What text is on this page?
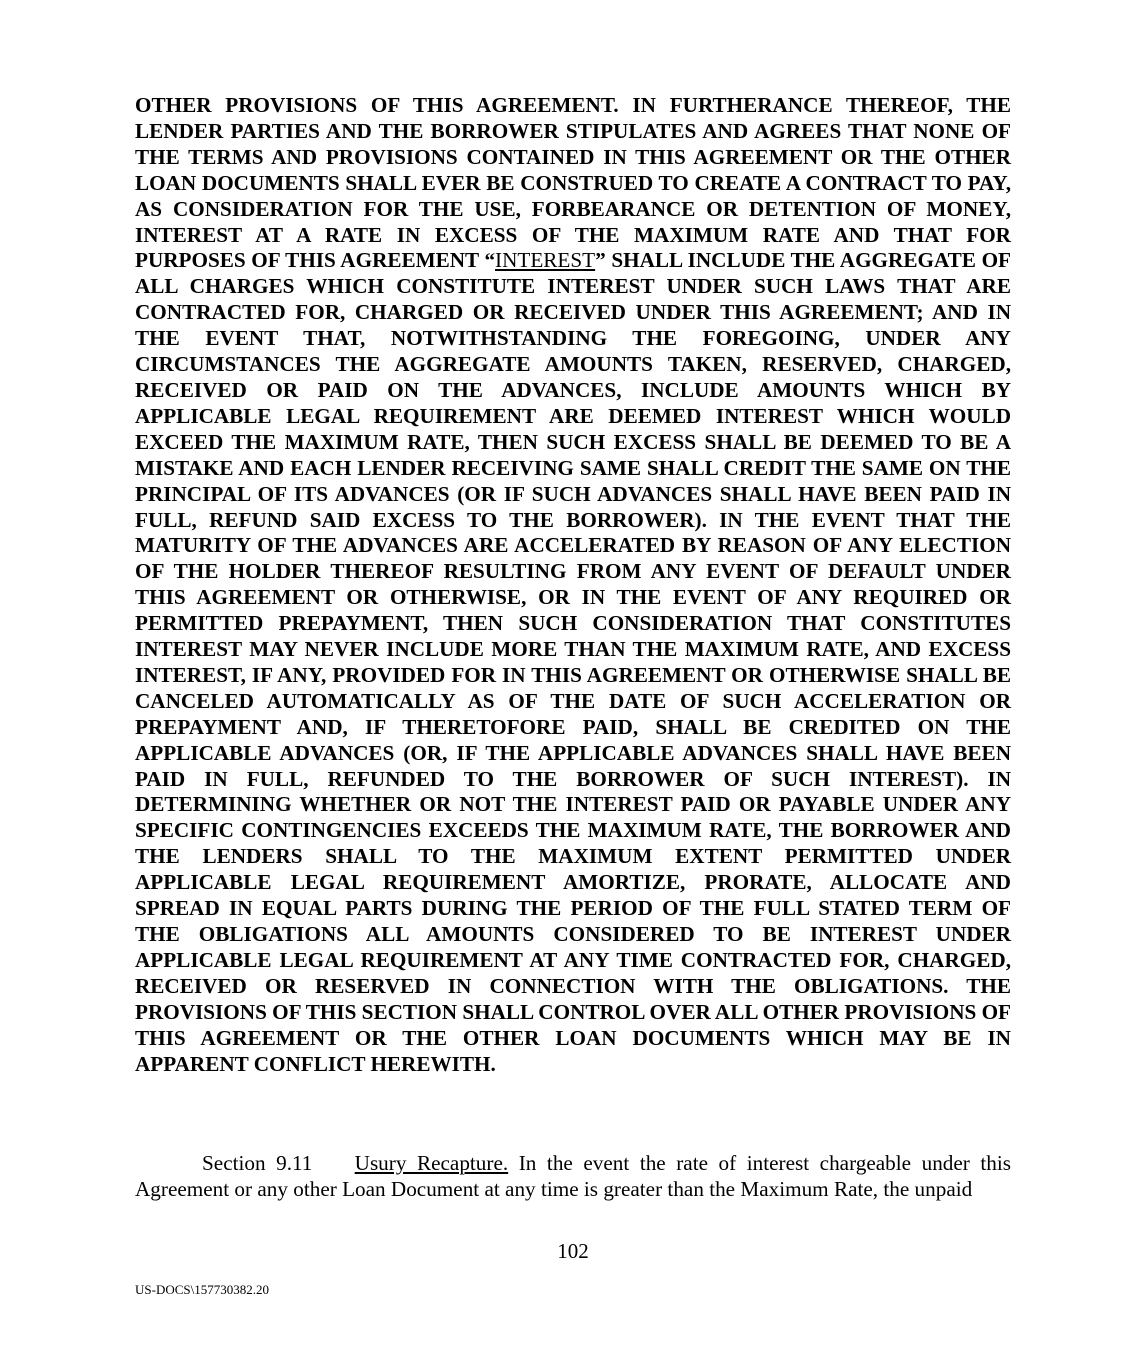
OTHER PROVISIONS OF THIS AGREEMENT. IN FURTHERANCE THEREOF, THE LENDER PARTIES AND THE BORROWER STIPULATES AND AGREES THAT NONE OF THE TERMS AND PROVISIONS CONTAINED IN THIS AGREEMENT OR THE OTHER LOAN DOCUMENTS SHALL EVER BE CONSTRUED TO CREATE A CONTRACT TO PAY, AS CONSIDERATION FOR THE USE, FORBEARANCE OR DETENTION OF MONEY, INTEREST AT A RATE IN EXCESS OF THE MAXIMUM RATE AND THAT FOR PURPOSES OF THIS AGREEMENT “INTEREST” SHALL INCLUDE THE AGGREGATE OF ALL CHARGES WHICH CONSTITUTE INTEREST UNDER SUCH LAWS THAT ARE CONTRACTED FOR, CHARGED OR RECEIVED UNDER THIS AGREEMENT; AND IN THE EVENT THAT, NOTWITHSTANDING THE FOREGOING, UNDER ANY CIRCUMSTANCES THE AGGREGATE AMOUNTS TAKEN, RESERVED, CHARGED, RECEIVED OR PAID ON THE ADVANCES, INCLUDE AMOUNTS WHICH BY APPLICABLE LEGAL REQUIREMENT ARE DEEMED INTEREST WHICH WOULD EXCEED THE MAXIMUM RATE, THEN SUCH EXCESS SHALL BE DEEMED TO BE A MISTAKE AND EACH LENDER RECEIVING SAME SHALL CREDIT THE SAME ON THE PRINCIPAL OF ITS ADVANCES (OR IF SUCH ADVANCES SHALL HAVE BEEN PAID IN FULL, REFUND SAID EXCESS TO THE BORROWER). IN THE EVENT THAT THE MATURITY OF THE ADVANCES ARE ACCELERATED BY REASON OF ANY ELECTION OF THE HOLDER THEREOF RESULTING FROM ANY EVENT OF DEFAULT UNDER THIS AGREEMENT OR OTHERWISE, OR IN THE EVENT OF ANY REQUIRED OR PERMITTED PREPAYMENT, THEN SUCH CONSIDERATION THAT CONSTITUTES INTEREST MAY NEVER INCLUDE MORE THAN THE MAXIMUM RATE, AND EXCESS INTEREST, IF ANY, PROVIDED FOR IN THIS AGREEMENT OR OTHERWISE SHALL BE CANCELED AUTOMATICALLY AS OF THE DATE OF SUCH ACCELERATION OR PREPAYMENT AND, IF THERETOFORE PAID, SHALL BE CREDITED ON THE APPLICABLE ADVANCES (OR, IF THE APPLICABLE ADVANCES SHALL HAVE BEEN PAID IN FULL, REFUNDED TO THE BORROWER OF SUCH INTEREST). IN DETERMINING WHETHER OR NOT THE INTEREST PAID OR PAYABLE UNDER ANY SPECIFIC CONTINGENCIES EXCEEDS THE MAXIMUM RATE, THE BORROWER AND THE LENDERS SHALL TO THE MAXIMUM EXTENT PERMITTED UNDER APPLICABLE LEGAL REQUIREMENT AMORTIZE, PRORATE, ALLOCATE AND SPREAD IN EQUAL PARTS DURING THE PERIOD OF THE FULL STATED TERM OF THE OBLIGATIONS ALL AMOUNTS CONSIDERED TO BE INTEREST UNDER APPLICABLE LEGAL REQUIREMENT AT ANY TIME CONTRACTED FOR, CHARGED, RECEIVED OR RESERVED IN CONNECTION WITH THE OBLIGATIONS. THE PROVISIONS OF THIS SECTION SHALL CONTROL OVER ALL OTHER PROVISIONS OF THIS AGREEMENT OR THE OTHER LOAN DOCUMENTS WHICH MAY BE IN APPARENT CONFLICT HEREWITH.

Section 9.11 Usury Recapture. In the event the rate of interest chargeable under this Agreement or any other Loan Document at any time is greater than the Maximum Rate, the unpaid

102
US-DOCS\157730382.20
